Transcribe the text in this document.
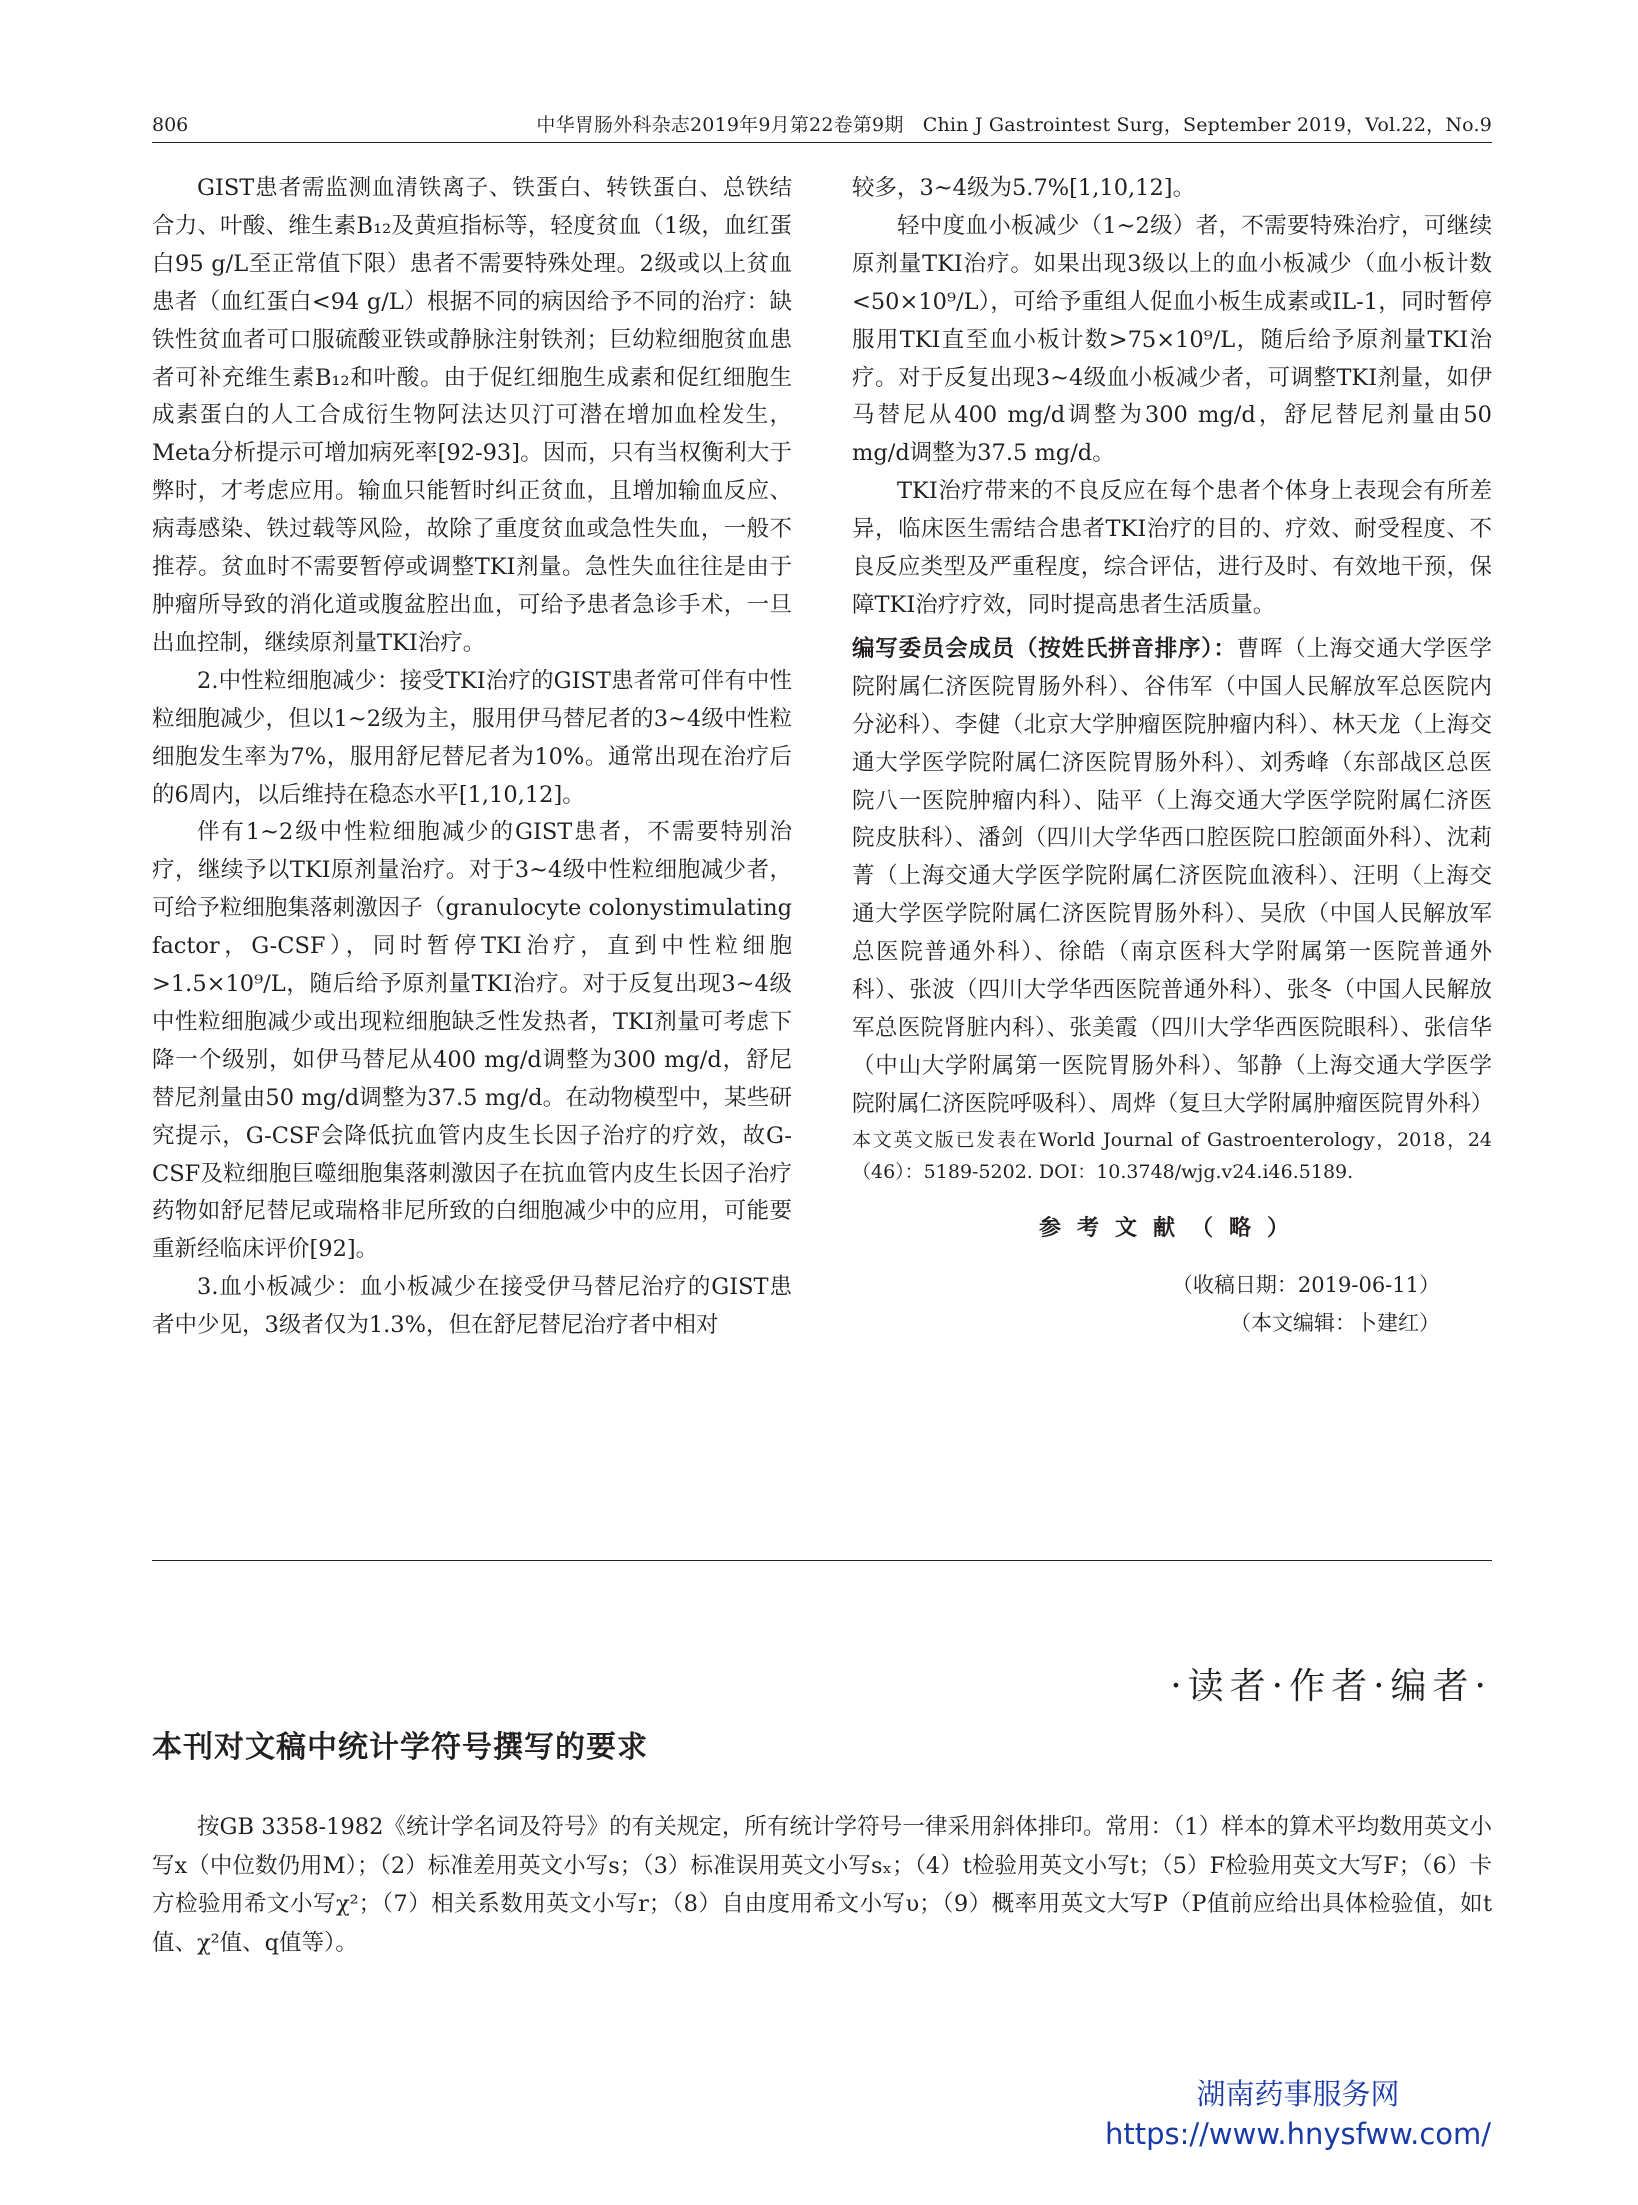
806	中华胃肠外科杂志2019年9月第22卷第9期　Chin J Gastrointest Surg，September 2019，Vol.22，No.9

GIST患者需监测血清铁离子、铁蛋白、转铁蛋白、总铁结合力、叶酸、维生素B₁₂及黄疸指标等，轻度贫血（1级，血红蛋白95 g/L至正常值下限）患者不需要特殊处理。2级或以上贫血患者（血红蛋白<94 g/L）根据不同的病因给予不同的治疗：缺铁性贫血者可口服硫酸亚铁或静脉注射铁剂；巨幼粒细胞贫血患者可补充维生素B₁₂和叶酸。由于促红细胞生成素和促红细胞生成素蛋白的人工合成衍生物阿法达贝汀可潜在增加血栓发生，Meta分析提示可增加病死率[92-93]。因而，只有当权衡利大于弊时，才考虑应用。输血只能暂时纠正贫血，且增加输血反应、病毒感染、铁过载等风险，故除了重度贫血或急性失血，一般不推荐。贫血时不需要暂停或调整TKI剂量。急性失血往往是由于肿瘤所导致的消化道或腹盆腔出血，可给予患者急诊手术，一旦出血控制，继续原剂量TKI治疗。

2.中性粒细胞减少：接受TKI治疗的GIST患者常可伴有中性粒细胞减少，但以1~2级为主，服用伊马替尼者的3~4级中性粒细胞发生率为7%，服用舒尼替尼者为10%。通常出现在治疗后的6周内，以后维持在稳态水平[1,10,12]。

伴有1~2级中性粒细胞减少的GIST患者，不需要特别治疗，继续予以TKI原剂量治疗。对于3~4级中性粒细胞减少者，可给予粒细胞集落刺激因子（granulocyte colonystimulating factor，G-CSF），同时暂停TKI治疗，直到中性粒细胞>1.5×10⁹/L，随后给予原剂量TKI治疗。对于反复出现3~4级中性粒细胞减少或出现粒细胞缺乏性发热者，TKI剂量可考虑下降一个级别，如伊马替尼从400 mg/d调整为300 mg/d，舒尼替尼剂量由50 mg/d调整为37.5 mg/d。在动物模型中，某些研究提示，G-CSF会降低抗血管内皮生长因子治疗的疗效，故G-CSF及粒细胞巨噬细胞集落刺激因子在抗血管内皮生长因子治疗药物如舒尼替尼或瑞格非尼所致的白细胞减少中的应用，可能要重新经临床评价[92]。

3.血小板减少：血小板减少在接受伊马替尼治疗的GIST患者中少见，3级者仅为1.3%，但在舒尼替尼治疗者中相对

较多，3~4级为5.7%[1,10,12]。

轻中度血小板减少（1~2级）者，不需要特殊治疗，可继续原剂量TKI治疗。如果出现3级以上的血小板减少（血小板计数<50×10⁹/L），可给予重组人促血小板生成素或IL-1，同时暂停服用TKI直至血小板计数>75×10⁹/L，随后给予原剂量TKI治疗。对于反复出现3~4级血小板减少者，可调整TKI剂量，如伊马替尼从400 mg/d调整为300 mg/d，舒尼替尼剂量由50 mg/d调整为37.5 mg/d。

TKI治疗带来的不良反应在每个患者个体身上表现会有所差异，临床医生需结合患者TKI治疗的目的、疗效、耐受程度、不良反应类型及严重程度，综合评估，进行及时、有效地干预，保障TKI治疗疗效，同时提高患者生活质量。

编写委员会成员（按姓氏拼音排序）：曹晖（上海交通大学医学院附属仁济医院胃肠外科）、谷伟军（中国人民解放军总医院内分泌科）、李健（北京大学肿瘤医院肿瘤内科）、林天龙（上海交通大学医学院附属仁济医院胃肠外科）、刘秀峰（东部战区总医院八一医院肿瘤内科）、陆平（上海交通大学医学院附属仁济医院皮肤科）、潘剑（四川大学华西口腔医院口腔颌面外科）、沈莉菁（上海交通大学医学院附属仁济医院血液科）、汪明（上海交通大学医学院附属仁济医院胃肠外科）、吴欣（中国人民解放军总医院普通外科）、徐皓（南京医科大学附属第一医院普通外科）、张波（四川大学华西医院普通外科）、张冬（中国人民解放军总医院肾脏内科）、张美霞（四川大学华西医院眼科）、张信华（中山大学附属第一医院胃肠外科）、邹静（上海交通大学医学院附属仁济医院呼吸科）、周烨（复旦大学附属肿瘤医院胃外科）

本文英文版已发表在World Journal of Gastroenterology，2018，24（46）：5189-5202. DOI：10.3748/wjg.v24.i46.5189.

参考文献（略）
（收稿日期：2019-06-11）
（本文编辑：卜建红）
·读者·作者·编者·
本刊对文稿中统计学符号撰写的要求

按GB 3358-1982《统计学名词及符号》的有关规定，所有统计学符号一律采用斜体排印。常用：（1）样本的算术平均数用英文小写x（中位数仍用M）；（2）标准差用英文小写s；（3）标准误用英文小写sₓ；（4）t检验用英文小写t；（5）F检验用英文大写F；（6）卡方检验用希文小写χ²；（7）相关系数用英文小写r；（8）自由度用希文小写υ；（9）概率用英文大写P（P值前应给出具体检验值，如t值、χ²值、q值等）。

湖南药事服务网
https://www.hnysfww.com/
